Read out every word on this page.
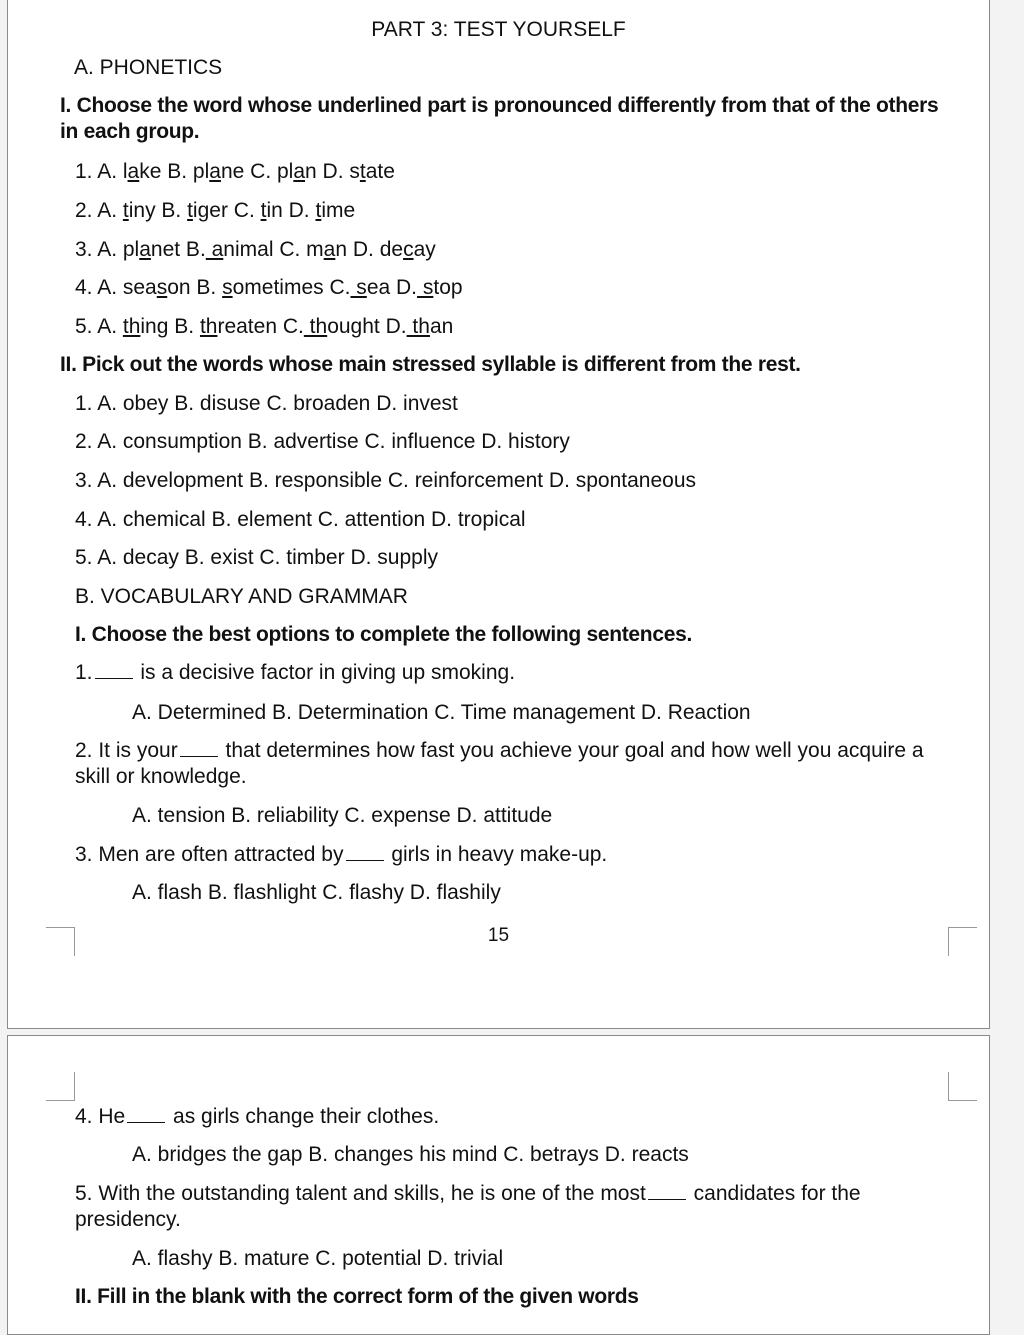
PART 3: TEST YOURSELF
A. PHONETICS
I. Choose the word whose underlined part is pronounced differently from that of the others in each group.
1. A. lake B. plane C. plan D. state
2. A. tiny B. tiger C. tin D. time
3. A. planet B. animal C. man D. decay
4. A. season B. sometimes C. sea D. stop
5. A. thing B. threaten C. thought D. than
II. Pick out the words whose main stressed syllable is different from the rest.
1. A. obey B. disuse C. broaden D. invest
2. A. consumption B. advertise C. influence D. history
3. A. development B. responsible C. reinforcement D. spontaneous
4. A. chemical B. element C. attention D. tropical
5. A. decay B. exist C. timber D. supply
B. VOCABULARY AND GRAMMAR
I. Choose the best options to complete the following sentences.
1. is a decisive factor in giving up smoking.
A. Determined B. Determination C. Time management D. Reaction
2. It is your that determines how fast you achieve your goal and how well you acquire a skill or knowledge.
A. tension B. reliability C. expense D. attitude
3. Men are often attracted by girls in heavy make-up.
A. flash B. flashlight C. flashy D. flashily
15
4. He as girls change their clothes.
A. bridges the gap B. changes his mind C. betrays D. reacts
5. With the outstanding talent and skills, he is one of the most candidates for the presidency.
A. flashy B. mature C. potential D. trivial
II. Fill in the blank with the correct form of the given words
